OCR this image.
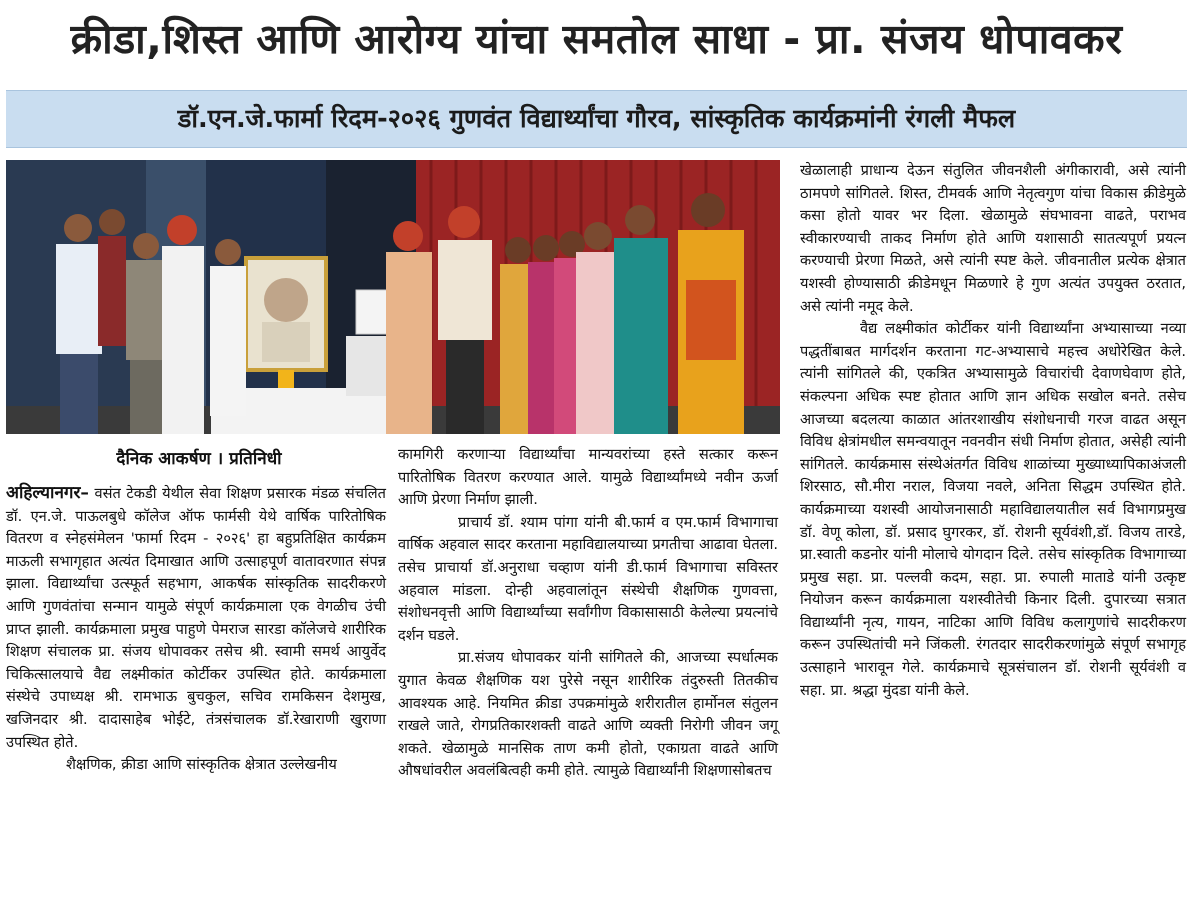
क्रीडा,शिस्त आणि आरोग्य यांचा समतोल साधा - प्रा. संजय धोपावकर
डॉ.एन.जे.फार्मा रिदम-२०२६ गुणवंत विद्यार्थ्यांचा गौरव, सांस्कृतिक कार्यक्रमांनी रंगली मैफल
दैनिक आकर्षण । प्रतिनिधी

अहिल्यानगर– वसंत टेकडी येथील सेवा शिक्षण प्रसारक मंडळ संचलित डॉ. एन.जे. पाऊलबुधे कॉलेज ऑफ फार्मसी येथे वार्षिक पारितोषिक वितरण व स्नेहसंमेलन 'फार्मा रिदम - २०२६' हा बहुप्रतिक्षित कार्यक्रम माऊली सभागृहात अत्यंत दिमाखात आणि उत्साहपूर्ण वातावरणात संपन्न झाला. विद्यार्थ्यांचा उत्स्फूर्त सहभाग, आकर्षक सांस्कृतिक सादरीकरणे आणि गुणवंतांचा सन्मान यामुळे संपूर्ण कार्यक्रमाला एक वेगळीच उंची प्राप्त झाली. कार्यक्रमाला प्रमुख पाहुणे पेमराज सारडा कॉलेजचे शारीरिक शिक्षण संचालक प्रा. संजय धोपावकर तसेच श्री. स्वामी समर्थ आयुर्वेद चिकित्सालयाचे वैद्य लक्ष्मीकांत कोर्टीकर उपस्थित होते. कार्यक्रमाला संस्थेचे उपाध्यक्ष श्री. रामभाऊ बुचकुल, सचिव रामकिसन देशमुख, खजिनदार श्री. दादासाहेब भोईटे, तंत्रसंचालक डॉ.रेखाराणी खुराणा उपस्थित होते.

शैक्षणिक, क्रीडा आणि सांस्कृतिक क्षेत्रात उल्लेखनीय

कामगिरी करणाऱ्या विद्यार्थ्यांचा मान्यवरांच्या हस्ते सत्कार करून पारितोषिक वितरण करण्यात आले. यामुळे विद्यार्थ्यांमध्ये नवीन ऊर्जा आणि प्रेरणा निर्माण झाली.

प्राचार्य डॉ. श्याम पांगा यांनी बी.फार्म व एम.फार्म विभागाचा वार्षिक अहवाल सादर करताना महाविद्यालयाच्या प्रगतीचा आढावा घेतला. तसेच प्राचार्या डॉ.अनुराधा चव्हाण यांनी डी.फार्म विभागाचा सविस्तर अहवाल मांडला. दोन्ही अहवालांतून संस्थेची शैक्षणिक गुणवत्ता, संशोधनवृत्ती आणि विद्यार्थ्यांच्या सर्वांगीण विकासासाठी केलेल्या प्रयत्नांचे दर्शन घडले.

प्रा.संजय धोपावकर यांनी सांगितले की, आजच्या स्पर्धात्मक युगात केवळ शैक्षणिक यश पुरेसे नसून शारीरिक तंदुरुस्ती तितकीच आवश्यक आहे. नियमित क्रीडा उपक्रमांमुळे शरीरातील हार्मोनल संतुलन राखले जाते, रोगप्रतिकारशक्ती वाढते आणि व्यक्ती निरोगी जीवन जगू शकते. खेळामुळे मानसिक ताण कमी होतो, एकाग्रता वाढते आणि औषधांवरील अवलंबित्वही कमी होते. त्यामुळे विद्यार्थ्यांनी शिक्षणासोबतच

खेळालाही प्राधान्य देऊन संतुलित जीवनशैली अंगीकारावी, असे त्यांनी ठामपणे सांगितले. शिस्त, टीमवर्क आणि नेतृत्वगुण यांचा विकास क्रीडेमुळे कसा होतो यावर भर दिला. खेळामुळे संघभावना वाढते, पराभव स्वीकारण्याची ताकद निर्माण होते आणि यशासाठी सातत्यपूर्ण प्रयत्न करण्याची प्रेरणा मिळते, असे त्यांनी स्पष्ट केले. जीवनातील प्रत्येक क्षेत्रात यशस्वी होण्यासाठी क्रीडेमधून मिळणारे हे गुण अत्यंत उपयुक्त ठरतात, असे त्यांनी नमूद केले.

वैद्य लक्ष्मीकांत कोर्टीकर यांनी विद्यार्थ्यांना अभ्यासाच्या नव्या पद्धतींबाबत मार्गदर्शन करताना गट-अभ्यासाचे महत्त्व अधोरेखित केले. त्यांनी सांगितले की, एकत्रित अभ्यासामुळे विचारांची देवाणघेवाण होते, संकल्पना अधिक स्पष्ट होतात आणि ज्ञान अधिक सखोल बनते. तसेच आजच्या बदलत्या काळात आंतरशाखीय संशोधनाची गरज वाढत असून विविध क्षेत्रांमधील समन्वयातून नवनवीन संधी निर्माण होतात, असेही त्यांनी सांगितले. कार्यक्रमास संस्थेअंतर्गत विविध शाळांच्या मुख्याध्यापिकाअंजली शिरसाठ, सौ.मीरा नराल, विजया नवले, अनिता सिद्धम उपस्थित होते. कार्यक्रमाच्या यशस्वी आयोजनासाठी महाविद्यालयातील सर्व विभागप्रमुख डॉ. वेणू कोला, डॉ. प्रसाद घुगरकर, डॉ. रोशनी सूर्यवंशी,डॉ. विजय तारडे, प्रा.स्वाती कडनोर यांनी मोलाचे योगदान दिले. तसेच सांस्कृतिक विभागाच्या प्रमुख सहा. प्रा. पल्लवी कदम, सहा. प्रा. रुपाली माताडे यांनी उत्कृष्ट नियोजन करून कार्यक्रमाला यशस्वीतेची किनार दिली. दुपारच्या सत्रात विद्यार्थ्यांनी नृत्य, गायन, नाटिका आणि विविध कलागुणांचे सादरीकरण करून उपस्थितांची मने जिंकली. रंगतदार सादरीकरणांमुळे संपूर्ण सभागृह उत्साहाने भारावून गेले. कार्यक्रमाचे सूत्रसंचालन डॉ. रोशनी सूर्यवंशी व सहा. प्रा. श्रद्धा मुंदडा यांनी केले.
